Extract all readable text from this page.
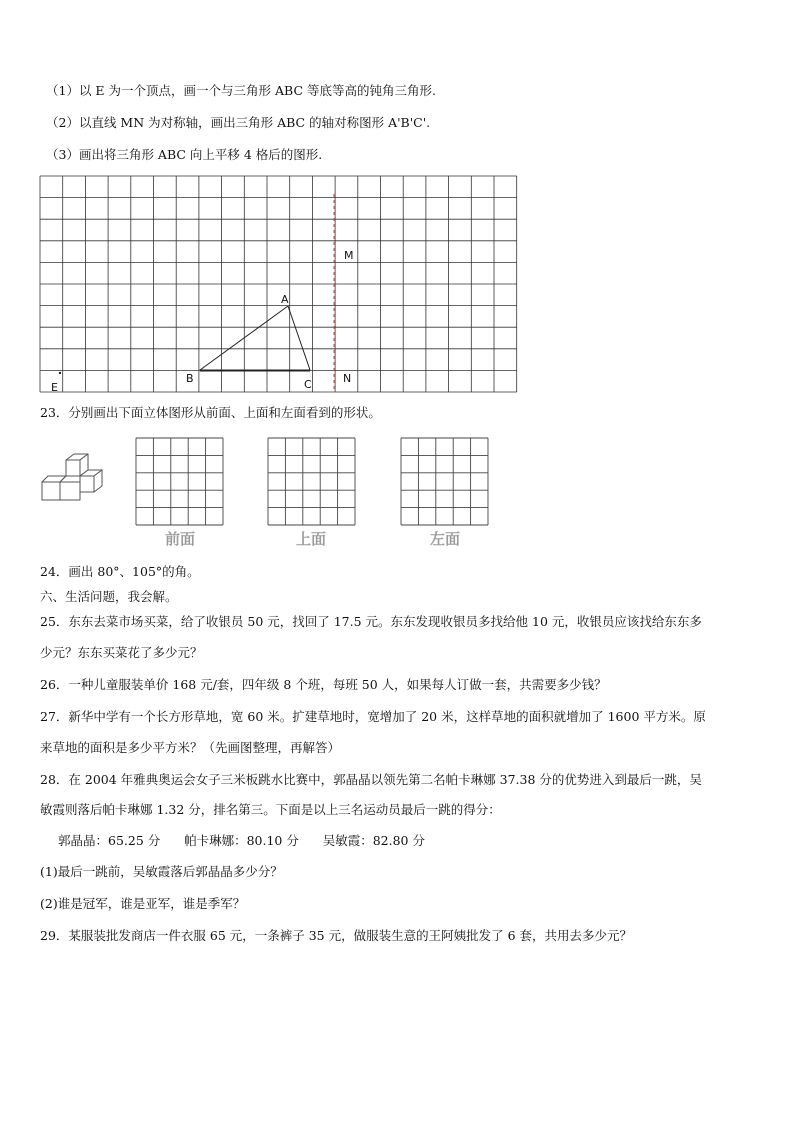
（1）以 E 为一个顶点，画一个与三角形 ABC 等底等高的钝角三角形.
（2）以直线 MN 为对称轴，画出三角形 ABC 的轴对称图形 A'B'C'.
（3）画出将三角形 ABC 向上平移 4 格后的图形.
M
A
B	C	N
E
23．分别画出下面立体图形从前面、上面和左面看到的形状。
前面	上面	左面
24．画出 80°、105°的角。
六、生活问题，我会解。
25．东东去菜市场买菜，给了收银员 50 元，找回了 17.5 元。东东发现收银员多找给他 10 元，收银员应该找给东东多
少元？东东买菜花了多少元？
26．一种儿童服装单价 168 元/套，四年级 8 个班，每班 50 人，如果每人订做一套，共需要多少钱？
27．新华中学有一个长方形草地，宽 60 米。扩建草地时，宽增加了 20 米，这样草地的面积就增加了 1600 平方米。原
来草地的面积是多少平方米？（先画图整理，再解答）
28．在 2004 年雅典奥运会女子三米板跳水比赛中，郭晶晶以领先第二名帕卡琳娜 37.38 分的优势进入到最后一跳，吴
敏霞则落后帕卡琳娜 1.32 分，排名第三。下面是以上三名运动员最后一跳的得分：
郭晶晶：65.25 分      帕卡琳娜：80.10 分      吴敏霞：82.80 分
(1)最后一跳前，吴敏霞落后郭晶晶多少分？
(2)谁是冠军，谁是亚军，谁是季军？
29．某服装批发商店一件衣服 65 元，一条裤子 35 元，做服装生意的王阿姨批发了 6 套，共用去多少元？
